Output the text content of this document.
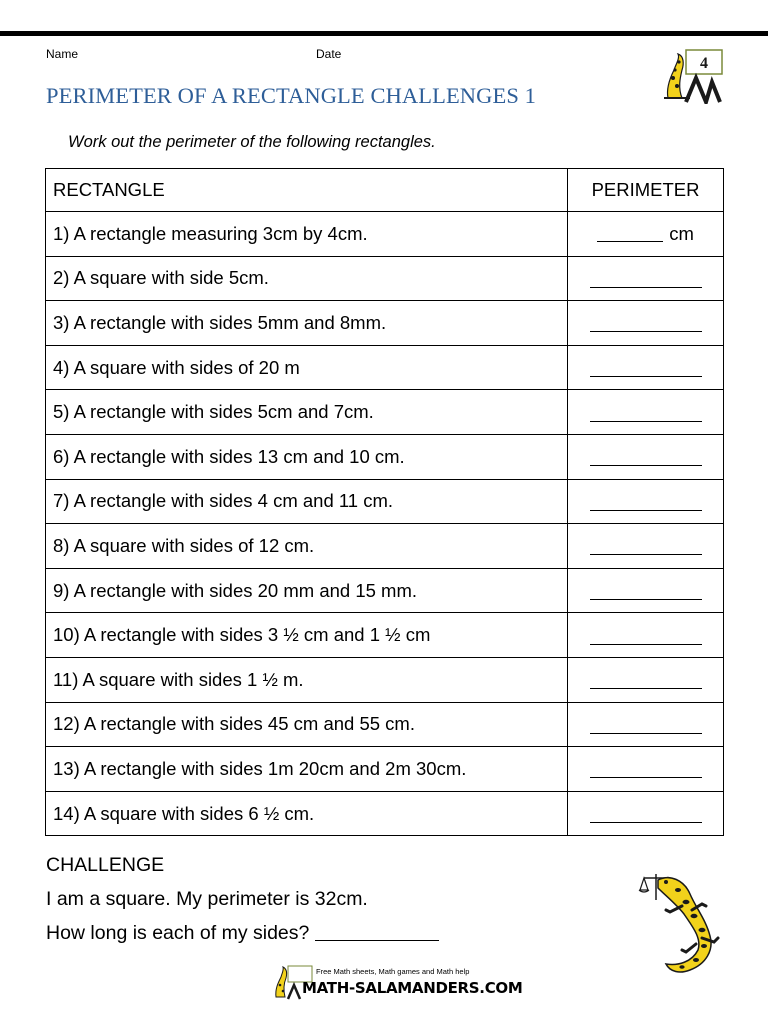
Name	Date
PERIMETER OF A RECTANGLE CHALLENGES 1
4
Work out the perimeter of the following rectangles.
RECTANGLE	PERIMETER
1) A rectangle measuring 3cm by 4cm.	cm
2) A square with side 5cm.	
3) A rectangle with sides 5mm and 8mm.	
4) A square with sides of 20 m	
5) A rectangle with sides 5cm and 7cm.	
6) A rectangle with sides 13 cm and 10 cm.	
7) A rectangle with sides 4 cm and 11 cm.	
8) A square with sides of 12 cm.	
9) A rectangle with sides 20 mm and 15 mm.	
10) A rectangle with sides 3 ½ cm and 1 ½ cm	
11) A square with sides 1 ½ m.	
12) A rectangle with sides 45 cm and 55 cm.	
13) A rectangle with sides 1m 20cm and 2m 30cm.	
14) A square with sides 6 ½ cm.	
CHALLENGE
I am a square. My perimeter is 32cm.
How long is each of my sides?
Free Math sheets, Math games and Math help
MATH-SALAMANDERS.COM
